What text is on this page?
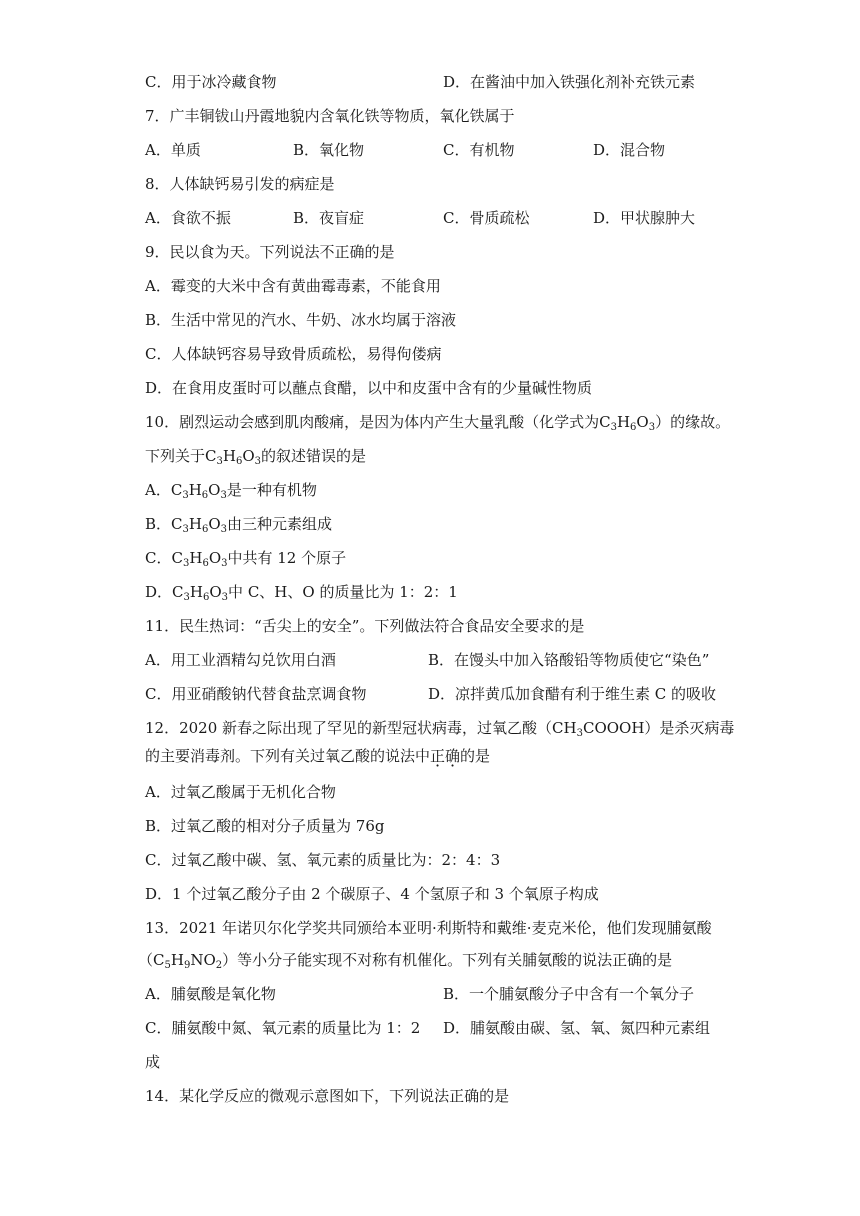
C．用于冰冷藏食物	D．在酱油中加入铁强化剂补充铁元素
7．广丰铜钹山丹霞地貌内含氧化铁等物质，氧化铁属于
A．单质	B．氧化物	C．有机物	D．混合物
8．人体缺钙易引发的病症是
A．食欲不振	B．夜盲症	C．骨质疏松	D．甲状腺肿大
9．民以食为天。下列说法不正确的是
A．霉变的大米中含有黄曲霉毒素，不能食用
B．生活中常见的汽水、牛奶、冰水均属于溶液
C．人体缺钙容易导致骨质疏松，易得佝偻病
D．在食用皮蛋时可以蘸点食醋，以中和皮蛋中含有的少量碱性物质
10．剧烈运动会感到肌肉酸痛，是因为体内产生大量乳酸（化学式为$C_3H_6O_3$）的缘故。
下列关于$C_3H_6O_3$的叙述错误的是
A．$C_3H_6O_3$是一种有机物
B．$C_3H_6O_3$由三种元素组成
C．$C_3H_6O_3$中共有 12 个原子
D．$C_3H_6O_3$中 C、H、O 的质量比为 1：2：1
11．民生热词：“舌尖上的安全”。下列做法符合食品安全要求的是
A．用工业酒精勾兑饮用白酒	B．在馒头中加入铬酸铅等物质使它“染色”
C．用亚硝酸钠代替食盐烹调食物	D．凉拌黄瓜加食醋有利于维生素 C 的吸收
12．2020 新春之际出现了罕见的新型冠状病毒，过氧乙酸$(CH_3COOOH)$是杀灭病毒
的主要消毒剂。下列有关过氧乙酸的说法中正确的是
A．过氧乙酸属于无机化合物
B．过氧乙酸的相对分子质量为 76g
C．过氧乙酸中碳、氢、氧元素的质量比为：2：4：3
D．1 个过氧乙酸分子由 2 个碳原子、4 个氢原子和 3 个氧原子构成
13．2021 年诺贝尔化学奖共同颁给本亚明·利斯特和戴维·麦克米伦，他们发现脯氨酸
$(C_5H_9NO_2)$等小分子能实现不对称有机催化。下列有关脯氨酸的说法正确的是
A．脯氨酸是氧化物	B．一个脯氨酸分子中含有一个氧分子
C．脯氨酸中氮、氧元素的质量比为 1：2 D．脯氨酸由碳、氢、氧、氮四种元素组
成
14．某化学反应的微观示意图如下，下列说法正确的是
